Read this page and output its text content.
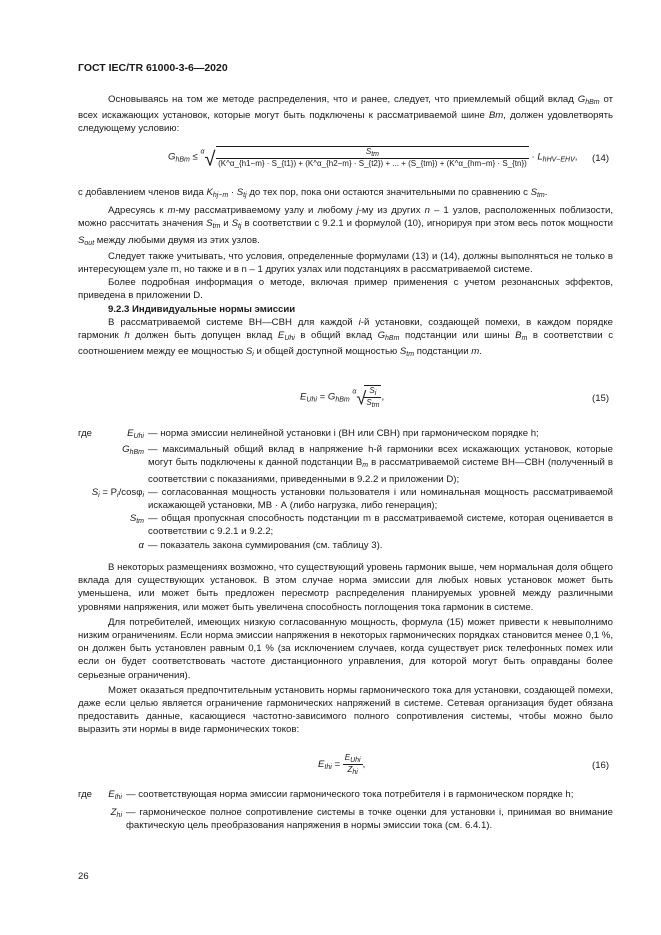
ГОСТ IEC/TR 61000-3-6—2020

Основываясь на том же методе распределения, что и ранее, следует, что приемлемый общий вклад $G_{hBm}$ от всех искажающих установок, которые могут быть подключены к рассматриваемой шине Bm, должен удовлетворять следующему условию:

$G_{hBm} \le ^\alpha√$	Stm
(K^α_{h1−m} · S_{t1}) + (K^α_{h2−m} · S_{t2}) + ... + (S_{tm}) + (K^α_{hm−m} · S_{tn})
· $L_{hHV-EHV}$, (14)

с добавлением членов вида $K_{hj-m} \cdot S_{tj}$ до тех пор, пока они остаются значительными по сравнению с $S_{tm}$.

Адресуясь к m-му рассматриваемому узлу и любому j-му из других n – 1 узлов, расположенных поблизости, можно рассчитать значения $S_{tm}$ и $S_{tj}$ в соответствии с 9.2.1 и формулой (10), игнорируя при этом весь поток мощности $S_{out}$ между любыми двумя из этих узлов.

Следует также учитывать, что условия, определенные формулами (13) и (14), должны выполняться не только в интересующем узле m, но также и в n – 1 других узлах или подстанциях в рассматриваемой системе.

Более подробная информация о методе, включая пример применения с учетом резонансных эффектов, приведена в приложении D.

9.2.3 Индивидуальные нормы эмиссии

В рассматриваемой системе ВН—СВН для каждой i-й установки, создающей помехи, в каждом порядке гармоник h должен быть допущен вклад $E_{Uhi}$ в общий вклад $G_{hBm}$ подстанции или шины $B_m$ в соответствии с соотношением между ее мощностью $S_i$ и общей доступной мощностью $S_{tm}$ подстанции m.

$E_{Uhi} = G_{hBm}$ $^\alpha$√
$\frac{Si}{\text{Stm}}$ ,	(15)
где	$E_{Uhi}$ — норма эмиссии нелинейной установки i (ВН или СВН) при гармоническом порядке h;
$G_{hBm}$ — максимальный общий вклад в напряжение h-й гармоники всех искажающих установок, которые могут быть подключены к данной подстанции $B_m$ в рассматриваемой системе ВН—СВН (полученный в соответствии с показаниями, приведенными в 9.2.2 и приложении D);
$S_i = P_i/\cos\varphi_i$ — согласованная мощность установки пользователя i или номинальная мощность рассматриваемой искажающей установки, МВ · А (либо нагрузка, либо генерация);
$S_{tm}$ — общая пропускная способность подстанции m в рассматриваемой системе, которая оценивается в соответствии с 9.2.1 и 9.2.2;
α — показатель закона суммирования (см. таблицу 3).

В некоторых размещениях возможно, что существующий уровень гармоник выше, чем нормальная доля общего вклада для существующих установок. В этом случае норма эмиссии для любых новых установок может быть уменьшена, или может быть предложен пересмотр распределения планируемых уровней между различными уровнями напряжения, или может быть увеличена способность поглощения тока гармоник в системе.

Для потребителей, имеющих низкую согласованную мощность, формула (15) может привести к невыполнимо низким ограничениям. Если норма эмиссии напряжения в некоторых гармонических порядках становится менее 0,1 %, он должен быть установлен равным 0,1 % (за исключением случаев, когда существует риск телефонных помех или если он будет соответствовать частоте дистанционного управления, для которой могут быть оправданы более серьезные ограничения).

Может оказаться предпочтительным установить нормы гармонического тока для установки, создающей помехи, даже если целью является ограничение гармонических напряжений в системе. Сетевая организация будет обязана предоставить данные, касающиеся частотно-зависимого полного сопротивления системы, чтобы можно было выразить эти нормы в виде гармонических токов:

$E_{Ihi} = \frac{\text{EUhi}}{\text{Zhi}}$ ,	(16)
где	$E_{Ihi}$ — соответствующая норма эмиссии гармонического тока потребителя i в гармоническом порядке h;
$Z_{hi}$ — гармоническое полное сопротивление системы в точке оценки для установки i, принимая во внимание фактическую цель преобразования напряжения в нормы эмиссии тока (см. 6.4.1).
26
